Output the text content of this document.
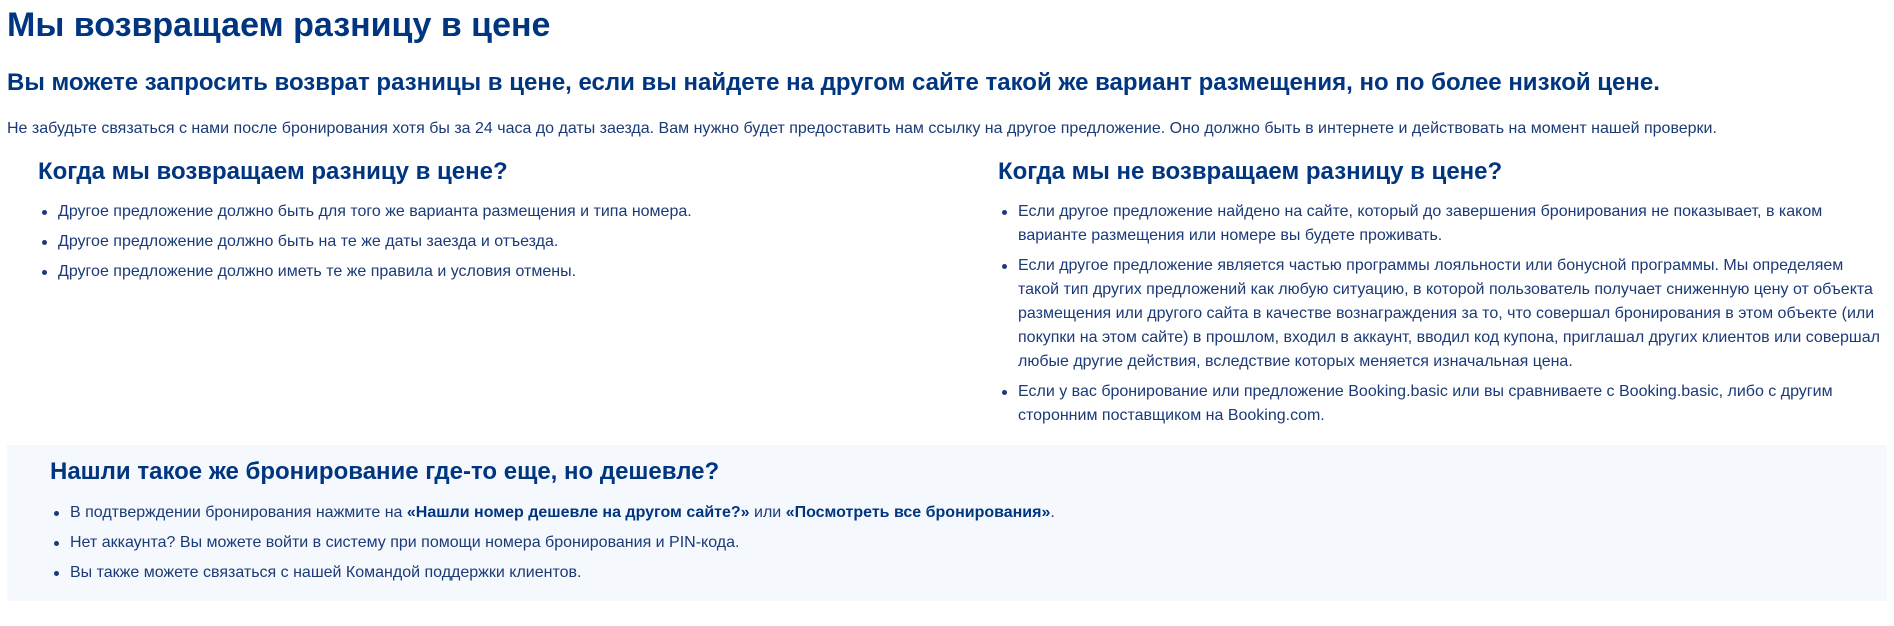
Мы возвращаем разницу в цене
Вы можете запросить возврат разницы в цене, если вы найдете на другом сайте такой же вариант размещения, но по более низкой цене.

Не забудьте связаться с нами после бронирования хотя бы за 24 часа до даты заезда. Вам нужно будет предоставить нам ссылку на другое предложение. Оно должно быть в интернете и действовать на момент нашей проверки.

Когда мы возвращаем разницу в цене?
Другое предложение должно быть для того же варианта размещения и типа номера.
Другое предложение должно быть на те же даты заезда и отъезда.
Другое предложение должно иметь те же правила и условия отмены.
Когда мы не возвращаем разницу в цене?
Если другое предложение найдено на сайте, который до завершения бронирования не показывает, в каком варианте размещения или номере вы будете проживать.
Если другое предложение является частью программы лояльности или бонусной программы. Мы определяем такой тип других предложений как любую ситуацию, в которой пользователь получает сниженную цену от объекта размещения или другого сайта в качестве вознаграждения за то, что совершал бронирования в этом объекте (или покупки на этом сайте) в прошлом, входил в аккаунт, вводил код купона, приглашал других клиентов или совершал любые другие действия, вследствие которых меняется изначальная цена.
Если у вас бронирование или предложение Booking.basic или вы сравниваете с Booking.basic, либо с другим сторонним поставщиком на Booking.com.
Нашли такое же бронирование где-то еще, но дешевле?
В подтверждении бронирования нажмите на «Нашли номер дешевле на другом сайте?» или «Посмотреть все бронирования».
Нет аккаунта? Вы можете войти в систему при помощи номера бронирования и PIN-кода.
Вы также можете связаться с нашей Командой поддержки клиентов.
